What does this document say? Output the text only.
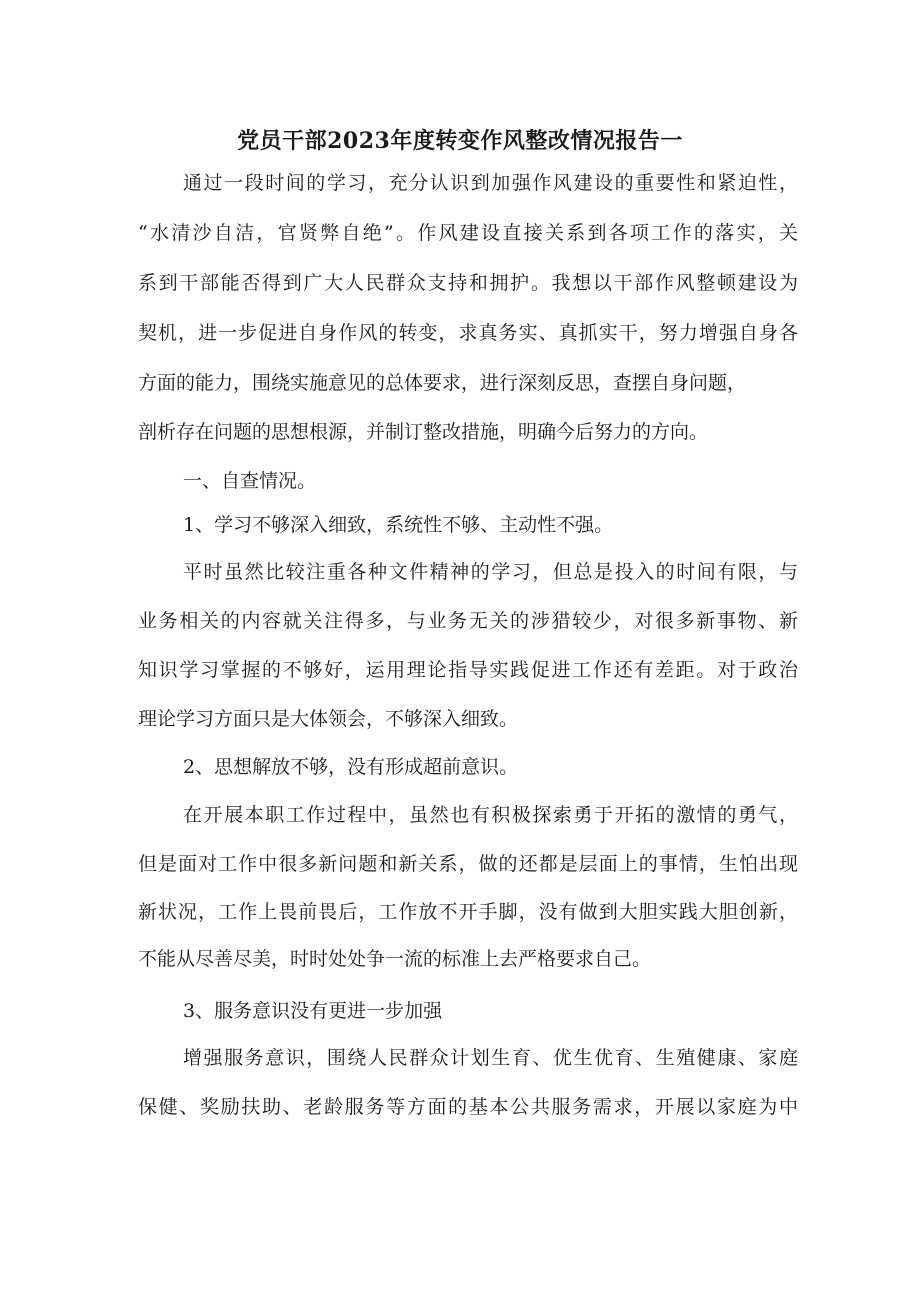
党员干部2023年度转变作风整改情况报告一
通过一段时间的学习，充分认识到加强作风建设的重要性和紧迫性，
“水清沙自洁，官贤弊自绝”。作风建设直接关系到各项工作的落实，关
系到干部能否得到广大人民群众支持和拥护。我想以干部作风整顿建设为
契机，进一步促进自身作风的转变，求真务实、真抓实干，努力增强自身各
方面的能力，围绕实施意见的总体要求，进行深刻反思，查摆自身问题，
剖析存在问题的思想根源，并制订整改措施，明确今后努力的方向。
一、自查情况。
1、学习不够深入细致，系统性不够、主动性不强。
平时虽然比较注重各种文件精神的学习，但总是投入的时间有限，与
业务相关的内容就关注得多，与业务无关的涉猎较少，对很多新事物、新
知识学习掌握的不够好，运用理论指导实践促进工作还有差距。对于政治
理论学习方面只是大体领会，不够深入细致。
2、思想解放不够，没有形成超前意识。
在开展本职工作过程中，虽然也有积极探索勇于开拓的激情的勇气，
但是面对工作中很多新问题和新关系，做的还都是层面上的事情，生怕出现
新状况，工作上畏前畏后，工作放不开手脚，没有做到大胆实践大胆创新，
不能从尽善尽美，时时处处争一流的标准上去严格要求自己。
3、服务意识没有更进一步加强
增强服务意识，围绕人民群众计划生育、优生优育、生殖健康、家庭
保健、奖励扶助、老龄服务等方面的基本公共服务需求，开展以家庭为中
